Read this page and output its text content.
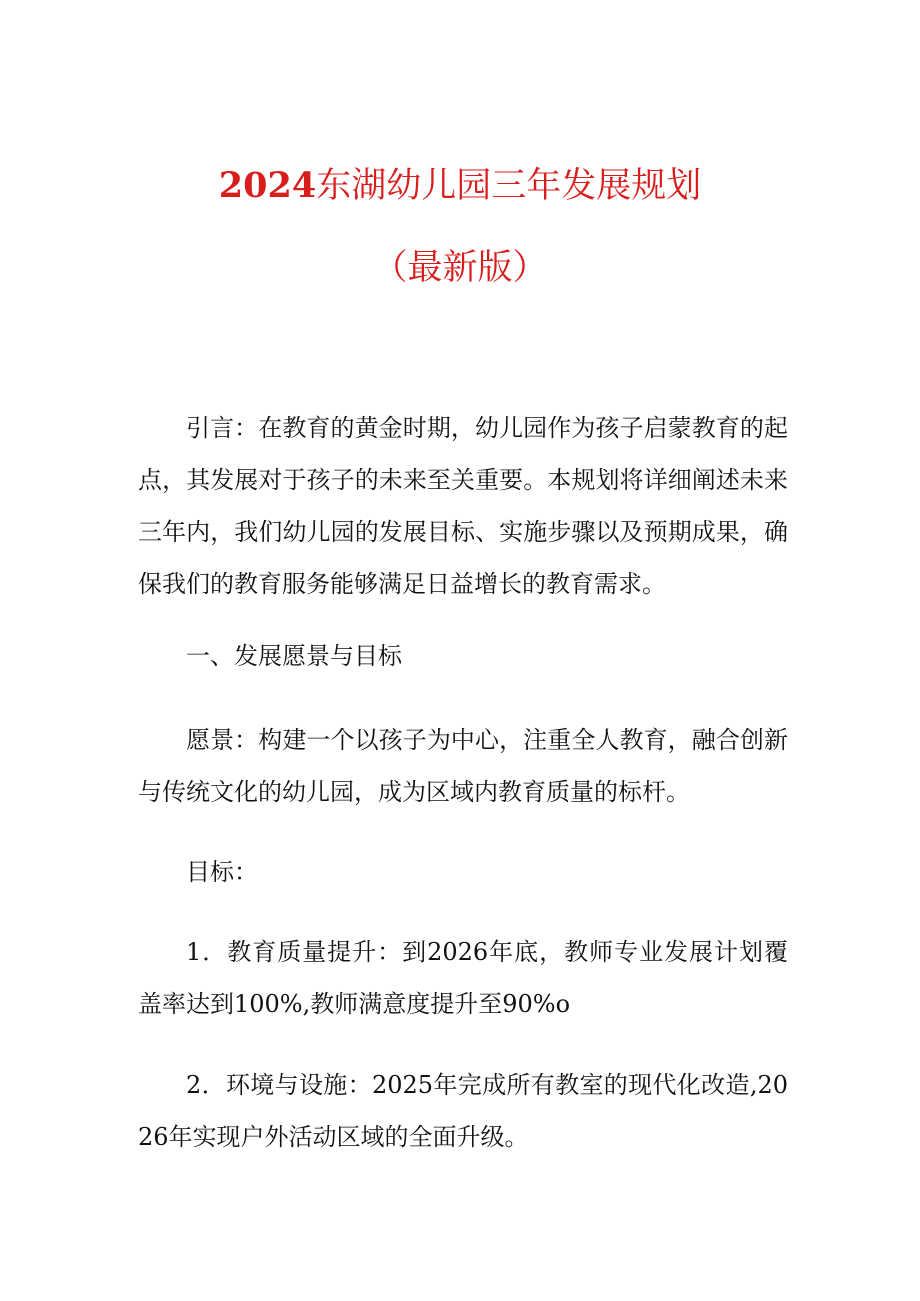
2024东湖幼儿园三年发展规划
（最新版）

引言：在教育的黄金时期，幼儿园作为孩子启蒙教育的起点，其发展对于孩子的未来至关重要。本规划将详细阐述未来三年内，我们幼儿园的发展目标、实施步骤以及预期成果，确保我们的教育服务能够满足日益增长的教育需求。

一、发展愿景与目标

愿景：构建一个以孩子为中心，注重全人教育，融合创新与传统文化的幼儿园，成为区域内教育质量的标杆。

目标：

1．教育质量提升：到2026年底，教师专业发展计划覆盖率达到100%,教师满意度提升至90%o

2．环境与设施：2025年完成所有教室的现代化改造,2026年实现户外活动区域的全面升级。
